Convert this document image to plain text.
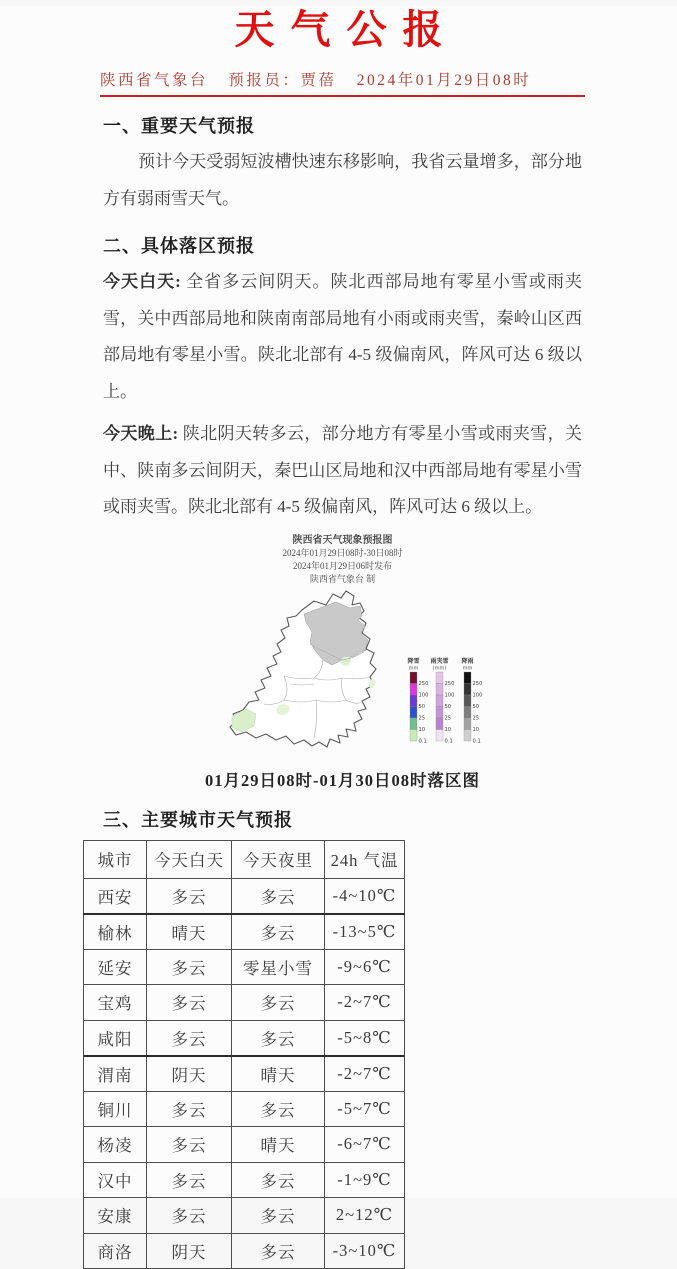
天气公报
陕西省气象台 预报员：贾蓓 2024年01月29日08时
一、重要天气预报

预计今天受弱短波槽快速东移影响，我省云量增多，部分地方有弱雨雪天气。

二、具体落区预报

今天白天: 全省多云间阴天。陕北西部局地有零星小雪或雨夹雪，关中西部局地和陕南南部局地有小雨或雨夹雪，秦岭山区西部局地有零星小雪。陕北北部有 4-5 级偏南风，阵风可达 6 级以上。

今天晚上: 陕北阴天转多云，部分地方有零星小雪或雨夹雪，关中、陕南多云间阴天，秦巴山区局地和汉中西部局地有零星小雪或雨夹雪。陕北北部有 4-5 级偏南风，阵风可达 6 级以上。

陕西省天气现象预报图
2024年01月29日08时-30日08时
2024年01月29日06时发布
陕西省气象台 制
降雪
mm
250
100
50
25
10
0.1
雨夹雪
(mm)
250
100
50
25
10
0.1
降雨
mm
250
100
50
25
10
0.1
01月29日08时-01月30日08时落区图
三、主要城市天气预报
城市	今天白天	今天夜里	24h 气温
西安	多云	多云	-4~10℃
榆林	晴天	多云	-13~5℃
延安	多云	零星小雪	-9~6℃
宝鸡	多云	多云	-2~7℃
咸阳	多云	多云	-5~8℃
渭南	阴天	晴天	-2~7℃
铜川	多云	多云	-5~7℃
杨凌	多云	晴天	-6~7℃
汉中	多云	多云	-1~9℃
安康	多云	多云	2~12℃
商洛	阴天	多云	-3~10℃
